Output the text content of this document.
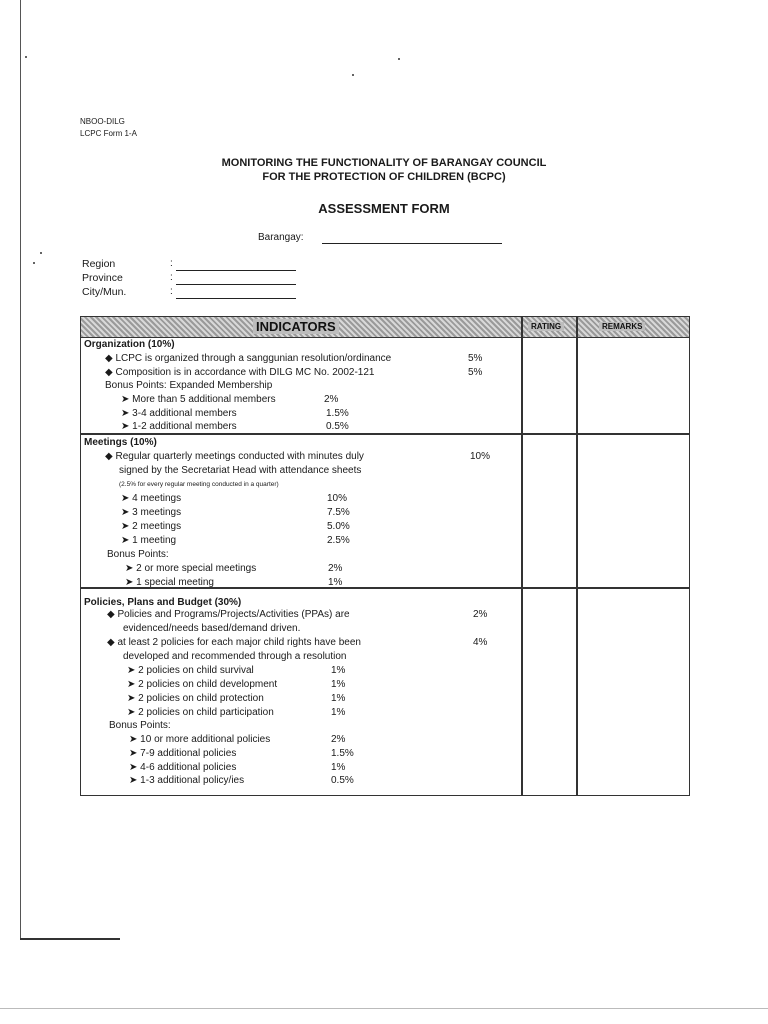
NBOO-DILG
LCPC Form 1-A
MONITORING THE FUNCTIONALITY OF BARANGAY COUNCIL
FOR THE PROTECTION OF CHILDREN (BCPC)
ASSESSMENT FORM
Barangay:
Region	:
Province	:
City/Mun.	:
INDICATORS	RATING	REMARKS
Organization (10%)
◆ LCPC is organized through a sanggunian resolution/ordinance	5%
◆ Composition is in accordance with DILG MC No. 2002-121	5%
Bonus Points: Expanded Membership
➤ More than 5 additional members	2%
➤ 3-4 additional members	1.5%
➤ 1-2 additional members	0.5%
Meetings (10%)
◆ Regular quarterly meetings conducted with minutes duly	10%
signed by the Secretariat Head with attendance sheets
(2.5% for every regular meeting conducted in a quarter)
➤ 4 meetings	10%
➤ 3 meetings	7.5%
➤ 2 meetings	5.0%
➤ 1 meeting	2.5%
Bonus Points:
➤ 2 or more special meetings	2%
➤ 1 special meeting	1%
Policies, Plans and Budget (30%)
◆ Policies and Programs/Projects/Activities (PPAs) are	2%
evidenced/needs based/demand driven.
◆ at least 2 policies for each major child rights have been	4%
developed and recommended through a resolution
➤ 2 policies on child survival	1%
➤ 2 policies on child development	1%
➤ 2 policies on child protection	1%
➤ 2 policies on child participation	1%
Bonus Points:
➤ 10 or more additional policies	2%
➤ 7-9 additional policies	1.5%
➤ 4-6 additional policies	1%
➤ 1-3 additional policy/ies	0.5%
